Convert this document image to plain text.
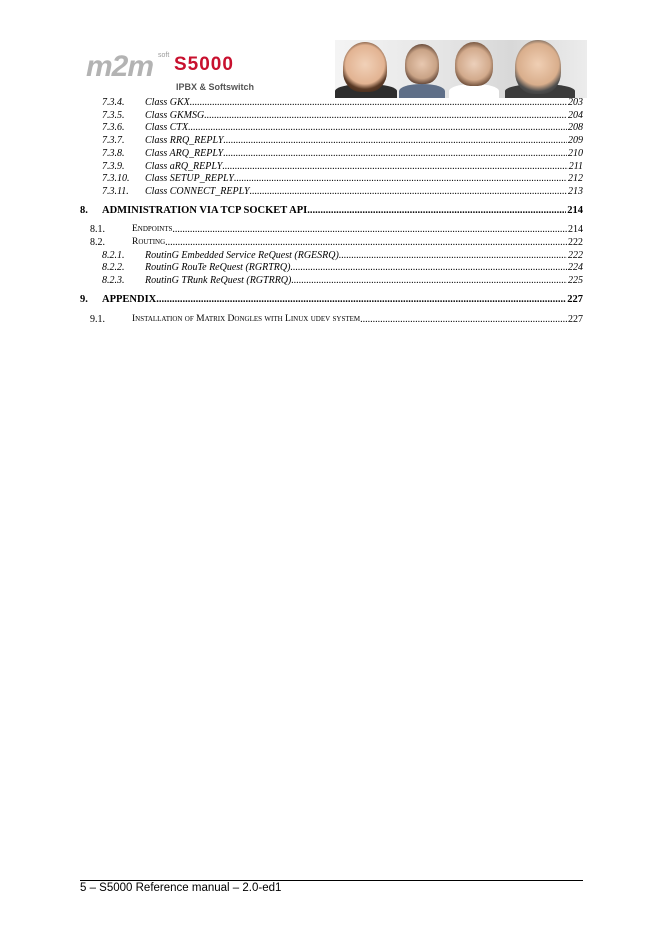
m2m soft S5000
IPBX & Softswitch
7.3.4. Class GKX .....	203
7.3.5. Class GKMSG .....	204
7.3.6. Class CTX .....	208
7.3.7. Class RRQ_REPLY .....	209
7.3.8. Class ARQ_REPLY .....	210
7.3.9. Class aRQ_REPLY .....	211
7.3.10. Class SETUP_REPLY .....	212
7.3.11. Class CONNECT_REPLY .....	213
8. ADMINISTRATION VIA TCP SOCKET API .....	214
8.1.	Endpoints .....	214
8.2.	Routing .....	222
8.2.1. RoutinG Embedded Service ReQuest (RGESRQ) .....	222
8.2.2. RoutinG RouTe ReQuest (RGRTRQ) .....	224
8.2.3. RoutinG TRunk ReQuest (RGTRRQ) .....	225
9. APPENDIX .....	227
9.1.	Installation of Matrix Dongles with Linux udev system .....	227
5 – S5000 Reference manual – 2.0-ed1
